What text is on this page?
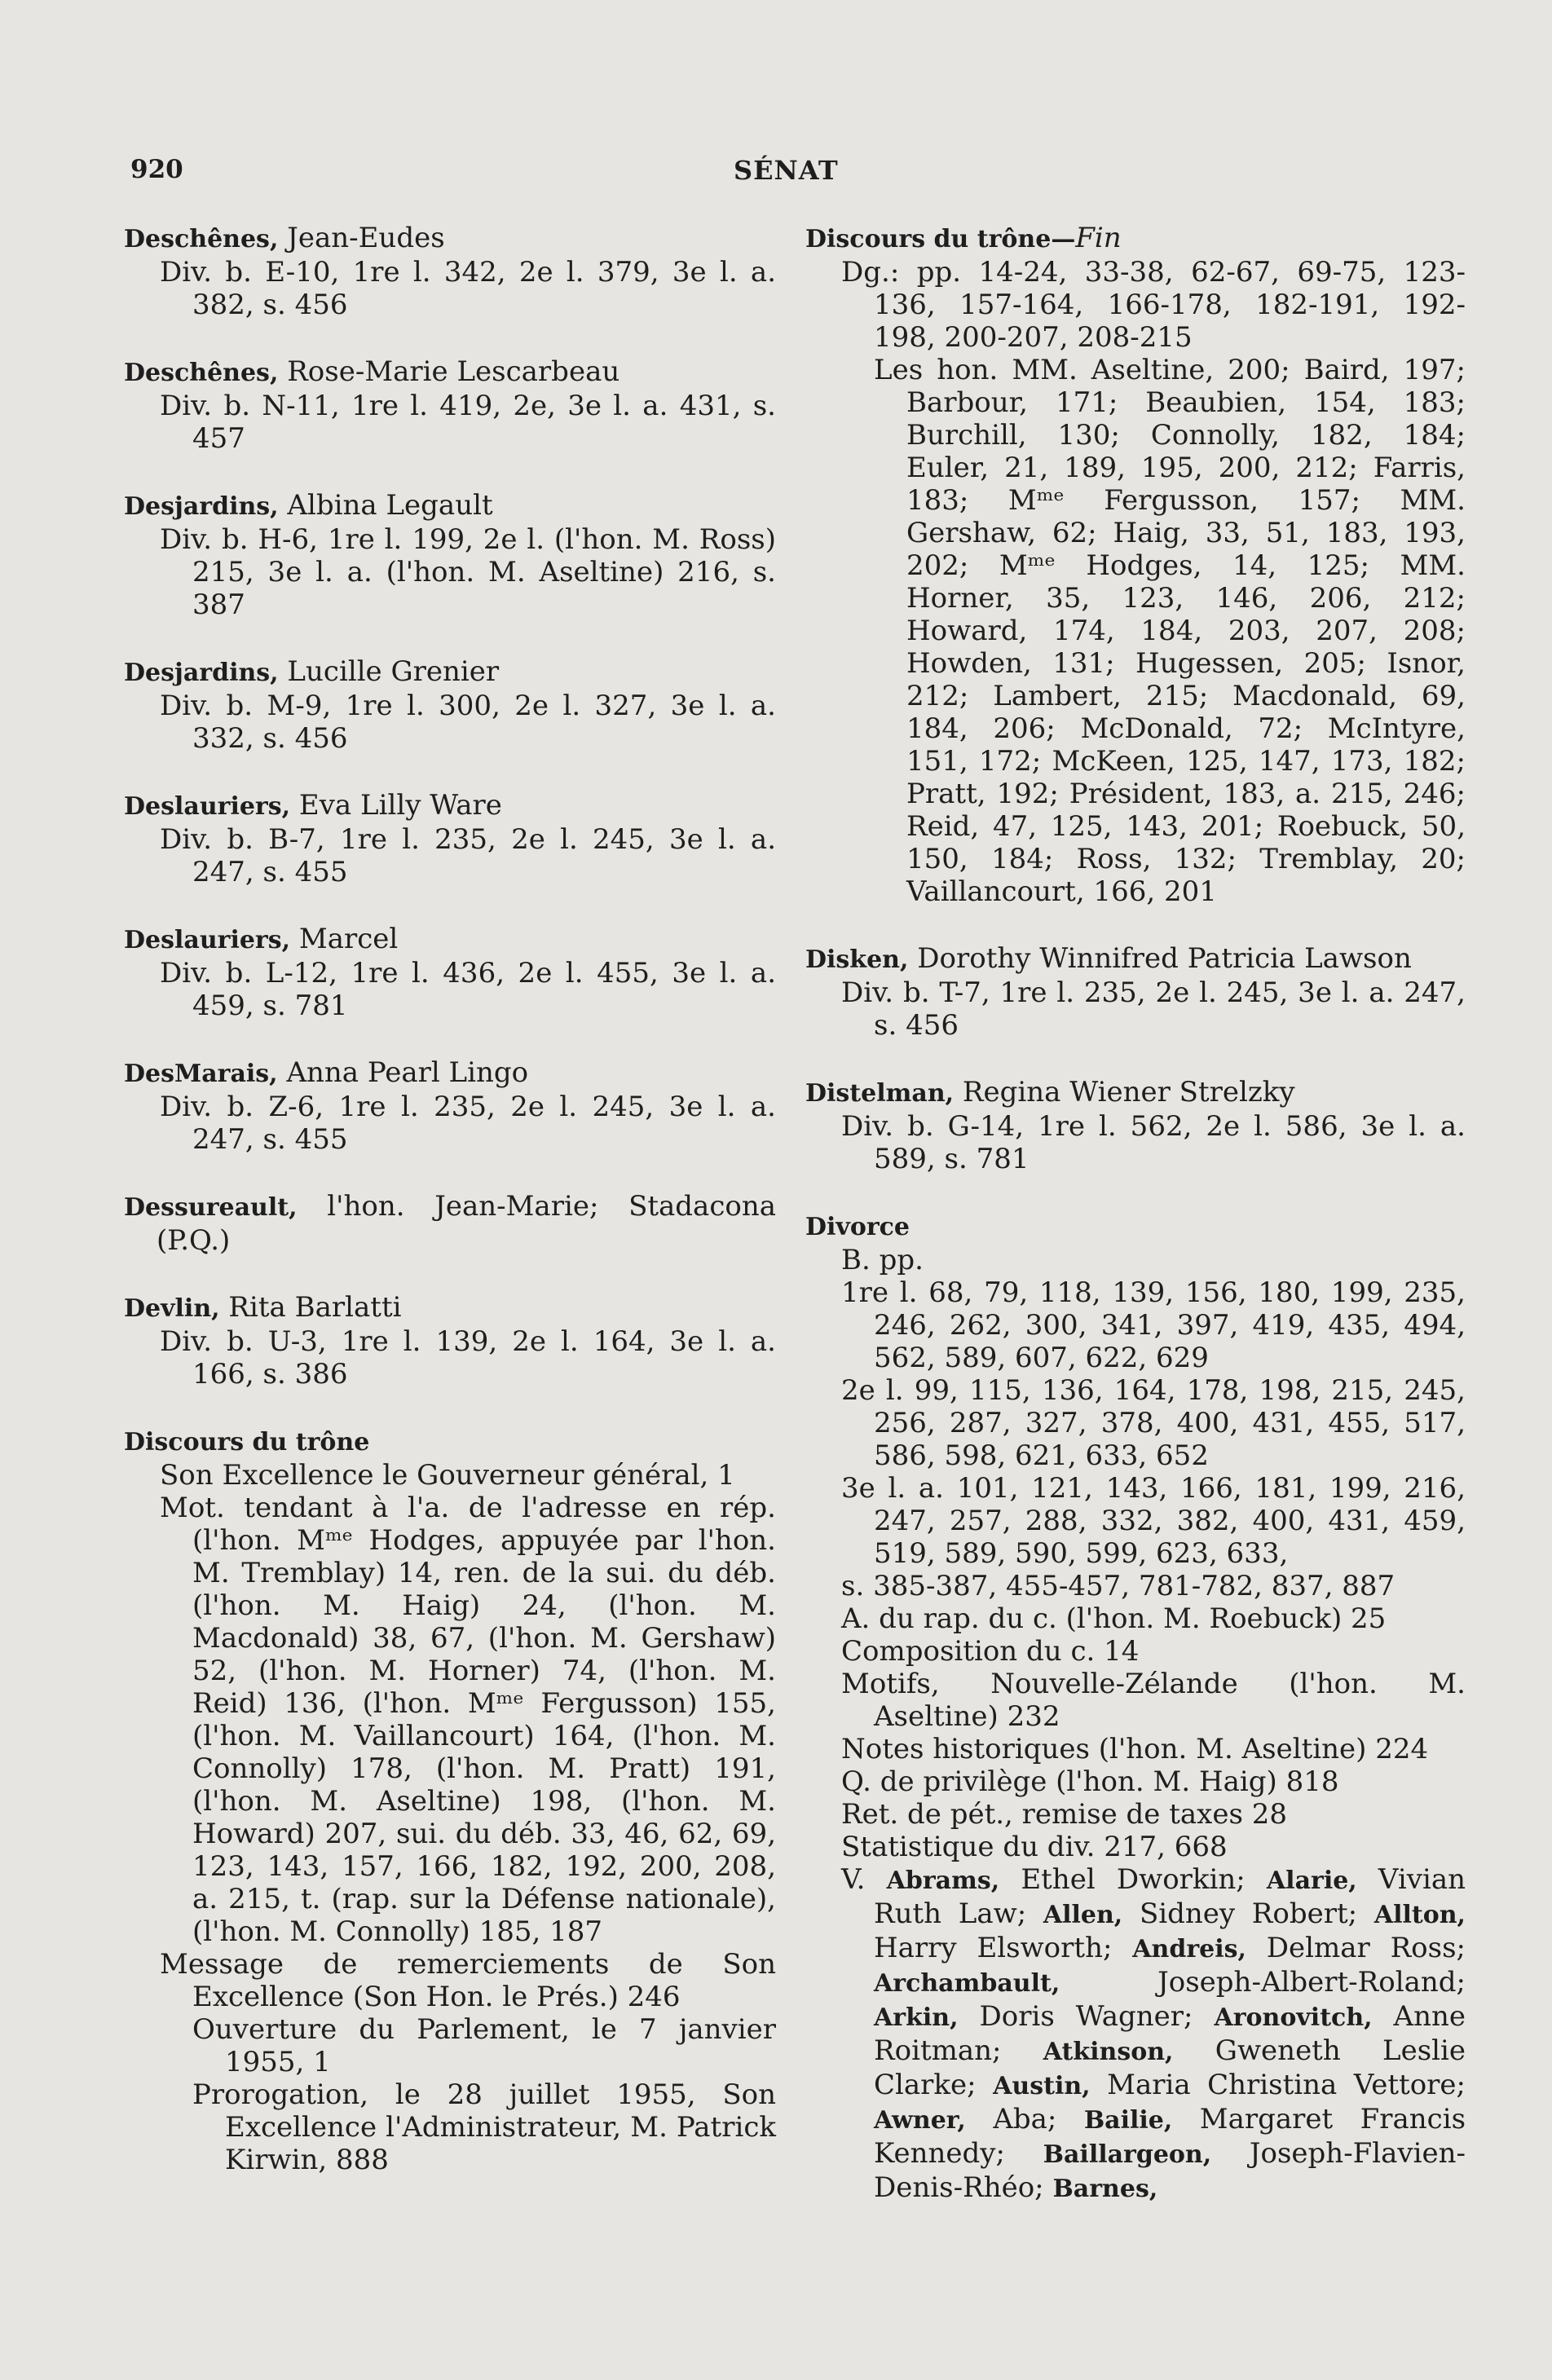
920	SÉNAT
Deschênes, Jean-Eudes

Div. b. E-10, 1re l. 342, 2e l. 379, 3e l. a. 382, s. 456

Deschênes, Rose-Marie Lescarbeau

Div. b. N-11, 1re l. 419, 2e, 3e l. a. 431, s. 457

Desjardins, Albina Legault

Div. b. H-6, 1re l. 199, 2e l. (l'hon. M. Ross) 215, 3e l. a. (l'hon. M. Aseltine) 216, s. 387

Desjardins, Lucille Grenier

Div. b. M-9, 1re l. 300, 2e l. 327, 3e l. a. 332, s. 456

Deslauriers, Eva Lilly Ware

Div. b. B-7, 1re l. 235, 2e l. 245, 3e l. a. 247, s. 455

Deslauriers, Marcel

Div. b. L-12, 1re l. 436, 2e l. 455, 3e l. a. 459, s. 781

DesMarais, Anna Pearl Lingo

Div. b. Z-6, 1re l. 235, 2e l. 245, 3e l. a. 247, s. 455

Dessureault, l'hon. Jean-Marie; Stadacona (P.Q.)

Devlin, Rita Barlatti

Div. b. U-3, 1re l. 139, 2e l. 164, 3e l. a. 166, s. 386

Discours du trône

Son Excellence le Gouverneur général, 1

Mot. tendant à l'a. de l'adresse en rép. (l'hon. Mᵐᵉ Hodges, appuyée par l'hon. M. Tremblay) 14, ren. de la sui. du déb. (l'hon. M. Haig) 24, (l'hon. M. Macdonald) 38, 67, (l'hon. M. Gershaw) 52, (l'hon. M. Horner) 74, (l'hon. M. Reid) 136, (l'hon. Mᵐᵉ Fergusson) 155, (l'hon. M. Vaillancourt) 164, (l'hon. M. Connolly) 178, (l'hon. M. Pratt) 191, (l'hon. M. Aseltine) 198, (l'hon. M. Howard) 207, sui. du déb. 33, 46, 62, 69, 123, 143, 157, 166, 182, 192, 200, 208, a. 215, t. (rap. sur la Défense nationale), (l'hon. M. Connolly) 185, 187

Message de remerciements de Son Excellence (Son Hon. le Prés.) 246

Ouverture du Parlement, le 7 janvier 1955, 1

Prorogation, le 28 juillet 1955, Son Excellence l'Administrateur, M. Patrick Kirwin, 888

Discours du trône—Fin

Dg.: pp. 14-24, 33-38, 62-67, 69-75, 123-136, 157-164, 166-178, 182-191, 192-198, 200-207, 208-215

Les hon. MM. Aseltine, 200; Baird, 197; Barbour, 171; Beaubien, 154, 183; Burchill, 130; Connolly, 182, 184; Euler, 21, 189, 195, 200, 212; Farris, 183; Mᵐᵉ Fergusson, 157; MM. Gershaw, 62; Haig, 33, 51, 183, 193, 202; Mᵐᵉ Hodges, 14, 125; MM. Horner, 35, 123, 146, 206, 212; Howard, 174, 184, 203, 207, 208; Howden, 131; Hugessen, 205; Isnor, 212; Lambert, 215; Macdonald, 69, 184, 206; McDonald, 72; McIntyre, 151, 172; McKeen, 125, 147, 173, 182; Pratt, 192; Président, 183, a. 215, 246; Reid, 47, 125, 143, 201; Roebuck, 50, 150, 184; Ross, 132; Tremblay, 20; Vaillancourt, 166, 201

Disken, Dorothy Winnifred Patricia Lawson

Div. b. T-7, 1re l. 235, 2e l. 245, 3e l. a. 247, s. 456

Distelman, Regina Wiener Strelzky

Div. b. G-14, 1re l. 562, 2e l. 586, 3e l. a. 589, s. 781

Divorce

B. pp.

1re l. 68, 79, 118, 139, 156, 180, 199, 235, 246, 262, 300, 341, 397, 419, 435, 494, 562, 589, 607, 622, 629

2e l. 99, 115, 136, 164, 178, 198, 215, 245, 256, 287, 327, 378, 400, 431, 455, 517, 586, 598, 621, 633, 652

3e l. a. 101, 121, 143, 166, 181, 199, 216, 247, 257, 288, 332, 382, 400, 431, 459, 519, 589, 590, 599, 623, 633,

s. 385-387, 455-457, 781-782, 837, 887

A. du rap. du c. (l'hon. M. Roebuck) 25

Composition du c. 14

Motifs, Nouvelle-Zélande (l'hon. M. Aseltine) 232

Notes historiques (l'hon. M. Aseltine) 224

Q. de privilège (l'hon. M. Haig) 818

Ret. de pét., remise de taxes 28

Statistique du div. 217, 668

V. Abrams, Ethel Dworkin; Alarie, Vivian Ruth Law; Allen, Sidney Robert; Allton, Harry Elsworth; Andreis, Delmar Ross; Archambault,	Joseph-Albert-Roland; Arkin, Doris Wagner; Aronovitch, Anne Roitman; Atkinson, Gweneth Leslie Clarke; Austin, Maria Christina Vettore; Awner, Aba; Bailie, Margaret Francis Kennedy; Baillargeon, Joseph-Flavien-Denis-Rhéo; Barnes,
